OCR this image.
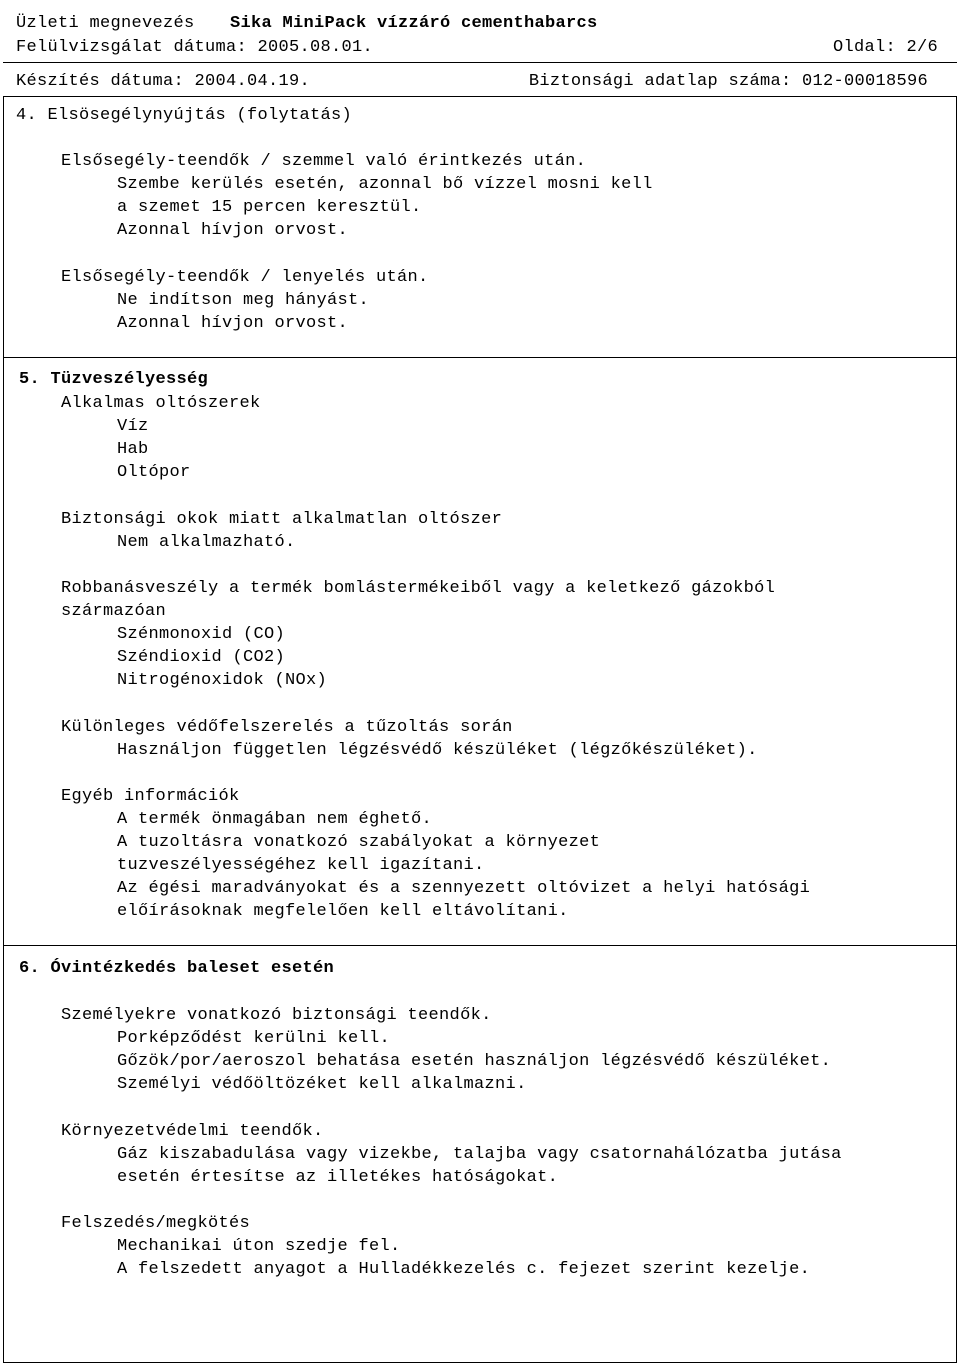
Üzleti megnevezés Sika MiniPack vízzáró cementhabarcs
Felülvizsgálat dátuma: 2005.08.01.	Oldal: 2/6
Készítés dátuma: 2004.04.19.	Biztonsági adatlap száma: 012-00018596
4. Elsösegélynyújtás (folytatás)
Elsősegély-teendők / szemmel való érintkezés után.
Szembe kerülés esetén, azonnal bő vízzel mosni kell
a szemet 15 percen keresztül.
Azonnal hívjon orvost.
Elsősegély-teendők / lenyelés után.
Ne indítson meg hányást.
Azonnal hívjon orvost.
5. Tüzveszélyesség
Alkalmas oltószerek
Víz
Hab
Oltópor
Biztonsági okok miatt alkalmatlan oltószer
Nem alkalmazható.
Robbanásveszély a termék bomlástermékeiből vagy a keletkező gázokból
származóan
Szénmonoxid (CO)
Széndioxid (CO2)
Nitrogénoxidok (NOx)
Különleges védőfelszerelés a tűzoltás során
Használjon független légzésvédő készüléket (légzőkészüléket).
Egyéb információk
A termék önmagában nem éghető.
A tuzoltásra vonatkozó szabályokat a környezet
tuzveszélyességéhez kell igazítani.
Az égési maradványokat és a szennyezett oltóvizet a helyi hatósági
előírásoknak megfelelően kell eltávolítani.
6. Óvintézkedés baleset esetén
Személyekre vonatkozó biztonsági teendők.
Porképződést kerülni kell.
Gőzök/por/aeroszol behatása esetén használjon légzésvédő készüléket.
Személyi védőöltözéket kell alkalmazni.
Környezetvédelmi teendők.
Gáz kiszabadulása vagy vizekbe, talajba vagy csatornahálózatba jutása
esetén értesítse az illetékes hatóságokat.
Felszedés/megkötés
Mechanikai úton szedje fel.
A felszedett anyagot a Hulladékkezelés c. fejezet szerint kezelje.
